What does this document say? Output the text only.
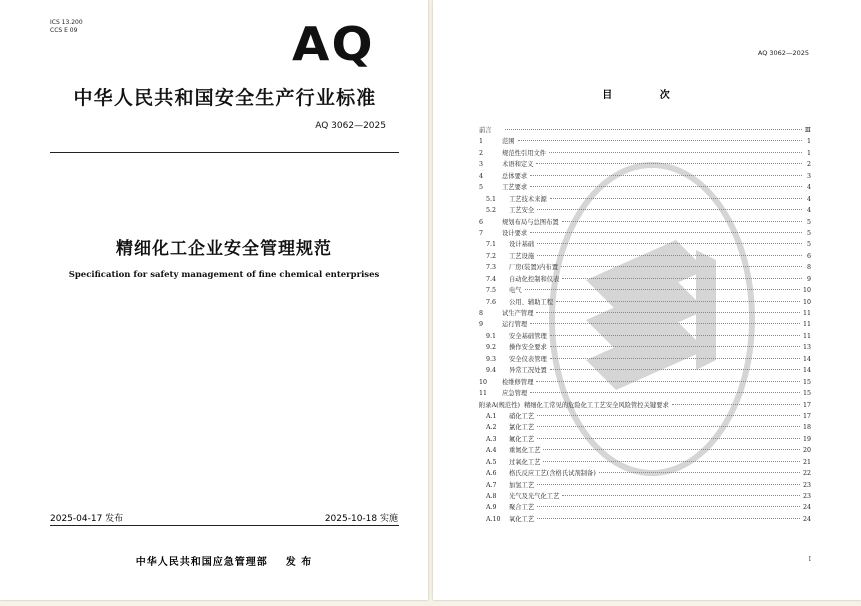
ICS 13.200
CCS E 09	AQ
中华人民共和国安全生产行业标准
AQ 3062—2025
精细化工企业安全管理规范
Specification for safety management of fine chemical enterprises
2025-04-17 发布	2025-10-18 实施
中华人民共和国应急管理部    发 布
AQ 3062—2025
目 次
前言	Ⅲ
1	范围	1
2	规范性引用文件	1
3	术语和定义	2
4	总体要求	3
5	工艺要求	4
5.1	工艺技术来源	4
5.2	工艺安全	4
6	规划布局与总图布置	5
7	设计要求	5
7.1	设计基础	5
7.2	工艺设施	6
7.3	厂房(装置)内布置	8
7.4	自动化控制和仪表	9
7.5	电气	10
7.6	公用、辅助工程	10
8	试生产管理	11
9	运行管理	11
9.1	安全基础管理	11
9.2	操作安全要求	13
9.3	安全仪表管理	14
9.4	异常工况处置	14
10	检维修管理	15
11	应急管理	15
附录A(规范性) 精细化工常见的危险化工工艺安全风险管控关键要求	17
A.1	硝化工艺	17
A.2	氯化工艺	18
A.3	氟化工艺	19
A.4	重氮化工艺	20
A.5	过氧化工艺	21
A.6	格氏反应工艺(含格氏试剂制备)	22
A.7	加氢工艺	23
A.8	光气及光气化工艺	23
A.9	聚合工艺	24
A.10	氧化工艺	24
I
